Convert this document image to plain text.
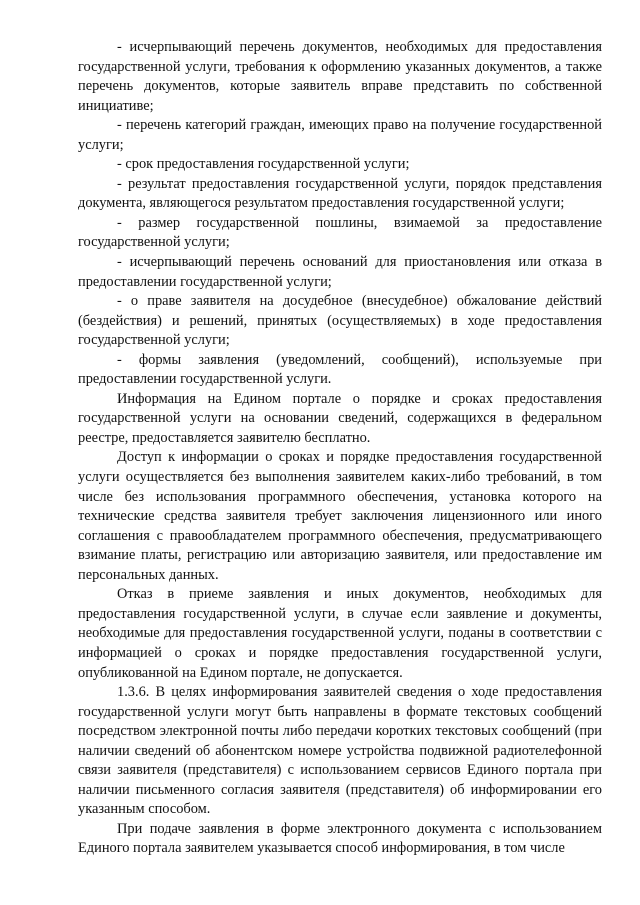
- исчерпывающий перечень документов, необходимых для предоставления государственной услуги, требования к оформлению указанных документов, а также перечень документов, которые заявитель вправе представить по собственной инициативе;

- перечень категорий граждан, имеющих право на получение государственной услуги;

- срок предоставления государственной услуги;

- результат предоставления государственной услуги, порядок представления документа, являющегося результатом предоставления государственной услуги;

- размер государственной пошлины, взимаемой за предоставление государственной услуги;

- исчерпывающий перечень оснований для приостановления или отказа в предоставлении государственной услуги;

- о праве заявителя на досудебное (внесудебное) обжалование действий (бездействия) и решений, принятых (осуществляемых) в ходе предоставления государственной услуги;

- формы заявления (уведомлений, сообщений), используемые при предоставлении государственной услуги.

Информация на Едином портале о порядке и сроках предоставления государственной услуги на основании сведений, содержащихся в федеральном реестре, предоставляется заявителю бесплатно.

Доступ к информации о сроках и порядке предоставления государственной услуги осуществляется без выполнения заявителем каких-либо требований, в том числе без использования программного обеспечения, установка которого на технические средства заявителя требует заключения лицензионного или иного соглашения с правообладателем программного обеспечения, предусматривающего взимание платы, регистрацию или авторизацию заявителя, или предоставление им персональных данных.

Отказ в приеме заявления и иных документов, необходимых для предоставления государственной услуги, в случае если заявление и документы, необходимые для предоставления государственной услуги, поданы в соответствии с информацией о сроках и порядке предоставления государственной услуги, опубликованной на Едином портале, не допускается.

1.3.6. В целях информирования заявителей сведения о ходе предоставления государственной услуги могут быть направлены в формате текстовых сообщений посредством электронной почты либо передачи коротких текстовых сообщений (при наличии сведений об абонентском номере устройства подвижной радиотелефонной связи заявителя (представителя) с использованием сервисов Единого портала при наличии письменного согласия заявителя (представителя) об информировании его указанным способом.

При подаче заявления в форме электронного документа с использованием Единого портала заявителем указывается способ информирования, в том числе
